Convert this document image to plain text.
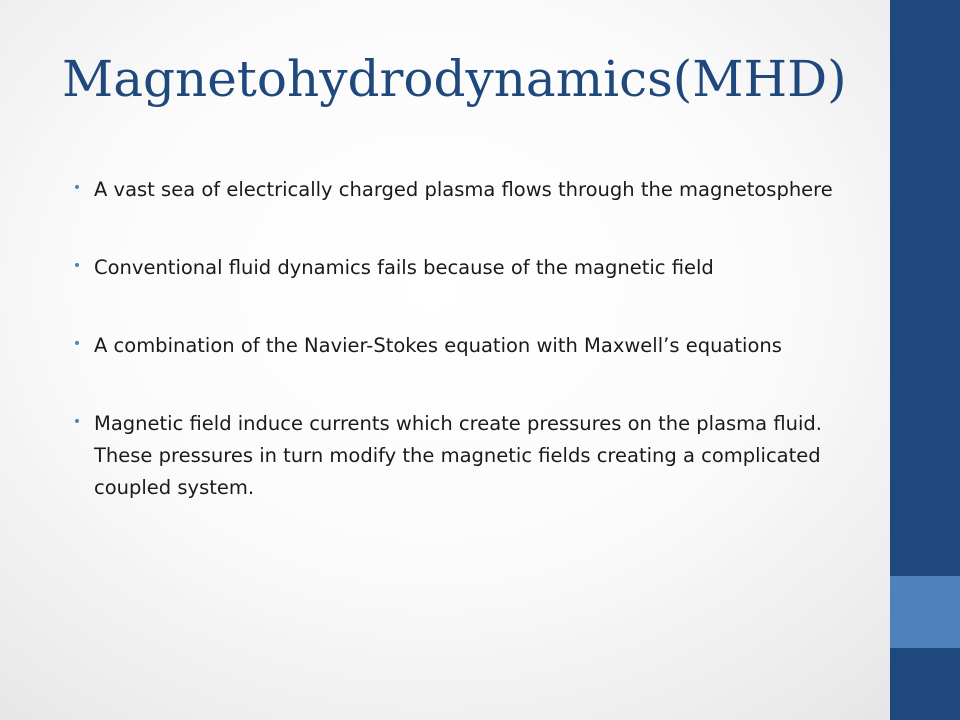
Magnetohydrodynamics(MHD)
• A vast sea of electrically charged plasma flows through the magnetosphere
• Conventional fluid dynamics fails because of the magnetic field
• A combination of the Navier-Stokes equation with Maxwell’s equations
• Magnetic field induce currents which create pressures on the plasma fluid. These pressures in turn modify the magnetic fields creating a complicated coupled system.
